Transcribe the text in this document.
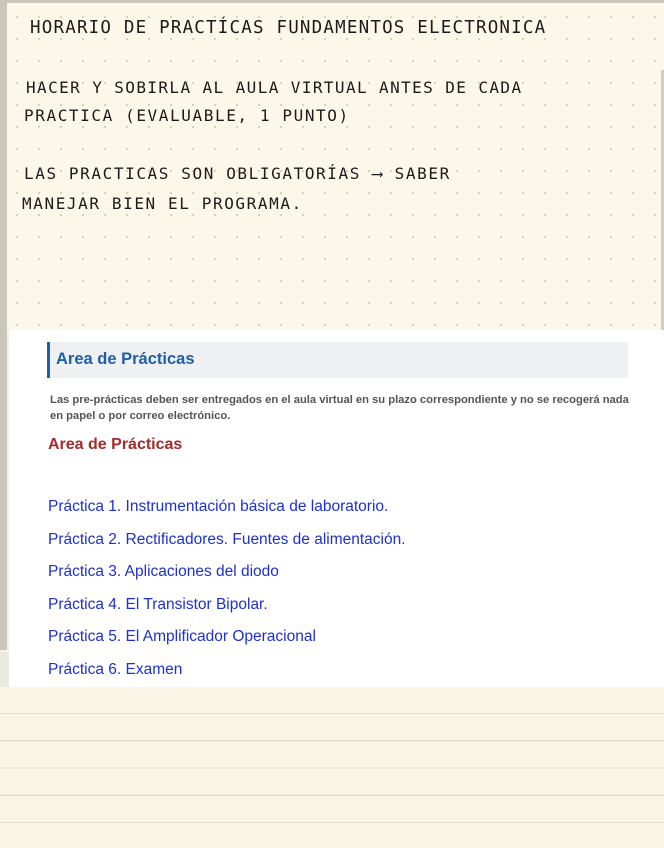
HORARIO DE PRACTÍCAS FUNDAMENTOS ELECTRONICA

HACER Y SOBIRLA AL AULA VIRTUAL ANTES DE CADA

PRACTICA (EVALUABLE, 1 PUNTO)

LAS PRACTICAS SON OBLIGATORÍAS ⟶ SABER

MANEJAR BIEN EL PROGRAMA.

Area de Prácticas
Las pre-prácticas deben ser entregados en el aula virtual en su plazo correspondiente y no se recogerá nada en papel o por correo electrónico.
Area de Prácticas
Práctica 1. Instrumentación básica de laboratorio.
Práctica 2. Rectificadores. Fuentes de alimentación.
Práctica 3. Aplicaciones del diodo
Práctica 4. El Transistor Bipolar.
Práctica 5. El Amplificador Operacional
Práctica 6. Examen
